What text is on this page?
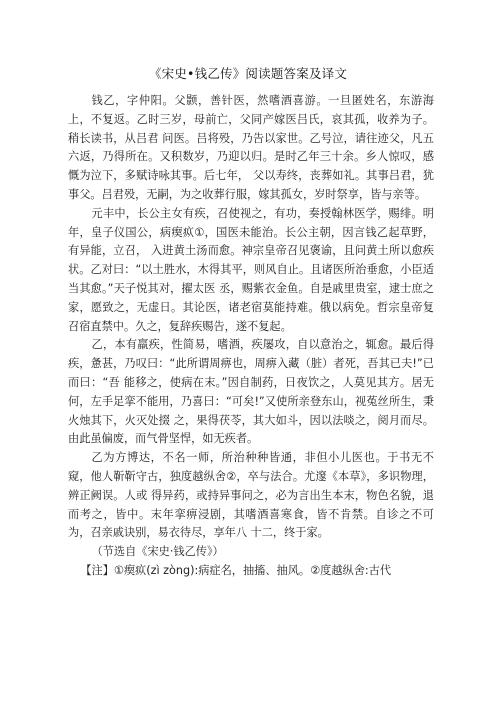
《宋史•钱乙传》阅读题答案及译文

钱乙，字仲阳。父颢，善针医，然嗜酒喜游。一旦匿姓名，东游海上，不复返。乙时三岁，母前亡，父同产嫁医吕氏，哀其孤，收养为子。稍长读书，从吕君 问医。吕将殁，乃告以家世。乙号泣，请往迹父，凡五六返，乃得所在。又积数岁，乃迎以归。是时乙年三十余。乡人惊叹，感慨为泣下，多赋诗咏其事。后七年， 父以寿终，丧葬如礼。其事吕君，犹事父。吕君殁，无嗣，为之收葬行服，嫁其孤女，岁时祭享，皆与亲等。

元丰中，长公主女有疾，召使视之，有功，奏授翰林医学，赐绯。明年，皇子仪国公，病瘈疭①，国医未能治。长公主朝，因言钱乙起草野，有异能，立召， 入进黄土汤而愈。神宗皇帝召见褒谕，且问黄土所以愈疾状。乙对曰：“以土胜水，木得其平，则风自止。且诸医所治垂愈，小臣适当其愈。”天子悦其对，擢太医 丞，赐紫衣金鱼。自是戚里贵室，逮士庶之家，愿致之，无虚日。其论医，诸老宿莫能持难。俄以病免。哲宗皇帝复召宿直禁中。久之，复辞疾赐告，遂不复起。

乙，本有羸疾，性简易，嗜酒，疾屡攻，自以意治之，辄愈。最后得疾，惫甚，乃叹曰：“此所谓周痹也，周痹入藏（脏）者死，吾其已夫!”已而曰：“吾 能移之，使病在末。”因自制药，日夜饮之，人莫见其方。居无何，左手足挛不能用，乃喜曰：“可矣!”又使所亲登东山，视菟丝所生，秉火烛其下，火灭处掇 之，果得茯苓，其大如斗，因以法啖之，阅月而尽。由此虽偏废，而气骨坚悍，如无疾者。

乙为方博达，不名一师，所治种种皆通，非但小儿医也。于书无不窥，他人靳靳守古，独度越纵舍②，卒与法合。尤邃《本草》，多识物理，辨正阙误。人或 得异药，或持异事问之，必为言出生本末，物色名貌，退而考之，皆中。末年挛痹浸剧，其嗜酒喜寒食，皆不肯禁。自诊之不可为，召亲戚诀别，易衣待尽，享年八 十二，终于家。

（节选自《宋史·钱乙传》）

【注】①瘈疭(zì zòng):病症名，抽搐、抽风。②度越纵舍:古代
